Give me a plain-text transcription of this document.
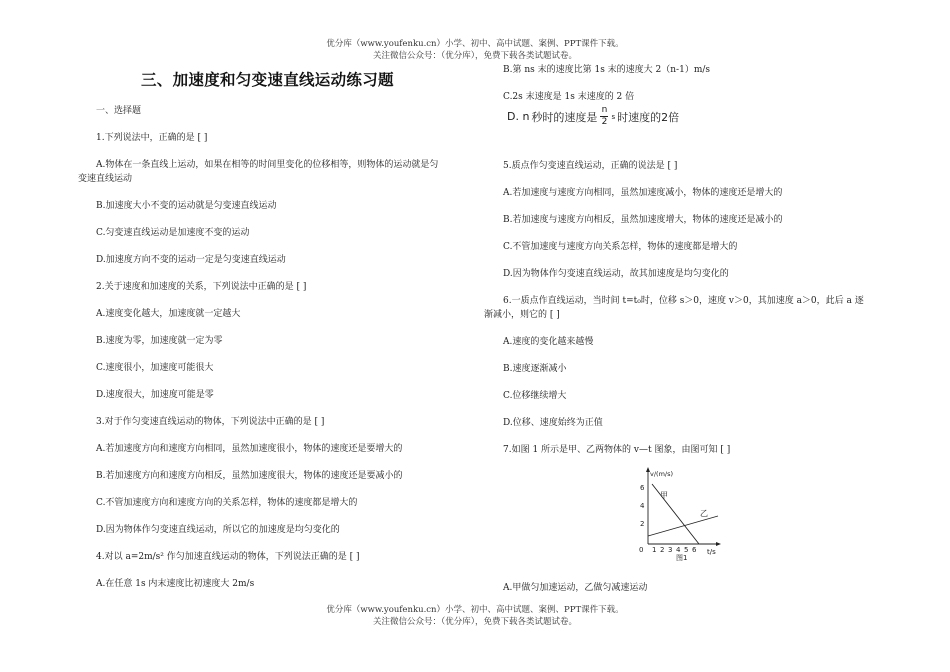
优分库（www.youfenku.cn）小学、初中、高中试题、案例、PPT课件下载。
关注微信公众号：（优分库），免费下载各类试题试卷。
三、加速度和匀变速直线运动练习题
一、选择题
1.下列说法中，正确的是 [ ]
A.物体在一条直线上运动，如果在相等的时间里变化的位移相等，则物体的运动就是匀
变速直线运动
B.加速度大小不变的运动就是匀变速直线运动
C.匀变速直线运动是加速度不变的运动
D.加速度方向不变的运动一定是匀变速直线运动
2.关于速度和加速度的关系，下列说法中正确的是 [ ]
A.速度变化越大，加速度就一定越大
B.速度为零，加速度就一定为零
C.速度很小，加速度可能很大
D.速度很大，加速度可能是零
3.对于作匀变速直线运动的物体，下列说法中正确的是 [ ]
A.若加速度方向和速度方向相同，虽然加速度很小，物体的速度还是要增大的
B.若加速度方向和速度方向相反，虽然加速度很大，物体的速度还是要减小的
C.不管加速度方向和速度方向的关系怎样，物体的速度都是增大的
D.因为物体作匀变速直线运动，所以它的加速度是均匀变化的
4.对以 a=2m/s² 作匀加速直线运动的物体，下列说法正确的是 [ ]
A.在任意 1s 内末速度比初速度大 2m/s
B.第 ns 末的速度比第 1s 末的速度大 2（n-1）m/s
C.2s 末速度是 1s 末速度的 2 倍
D. n 秒时的速度是 $\frac{n}{2}$ s 时速度的2倍
5.质点作匀变速直线运动，正确的说法是 [ ]
A.若加速度与速度方向相同，虽然加速度减小，物体的速度还是增大的
B.若加速度与速度方向相反，虽然加速度增大，物体的速度还是减小的
C.不管加速度与速度方向关系怎样，物体的速度都是增大的
D.因为物体作匀变速直线运动，故其加速度是均匀变化的
6.一质点作直线运动，当时间 t=t₀时，位移 s＞0，速度 v＞0，其加速度 a＞0，此后 a 逐
渐减小，则它的 [ ]
A.速度的变化越来越慢
B.速度逐渐减小
C.位移继续增大
D.位移、速度始终为正值
7.如图 1 所示是甲、乙两物体的 v—t 图象，由图可知 [ ]
v/(m/s)
t/s
6
4
2
0 1 2 3 4 5 6
甲
乙
图1
A.甲做匀加速运动，乙做匀减速运动
优分库（www.youfenku.cn）小学、初中、高中试题、案例、PPT课件下载。
关注微信公众号：（优分库），免费下载各类试题试卷。
